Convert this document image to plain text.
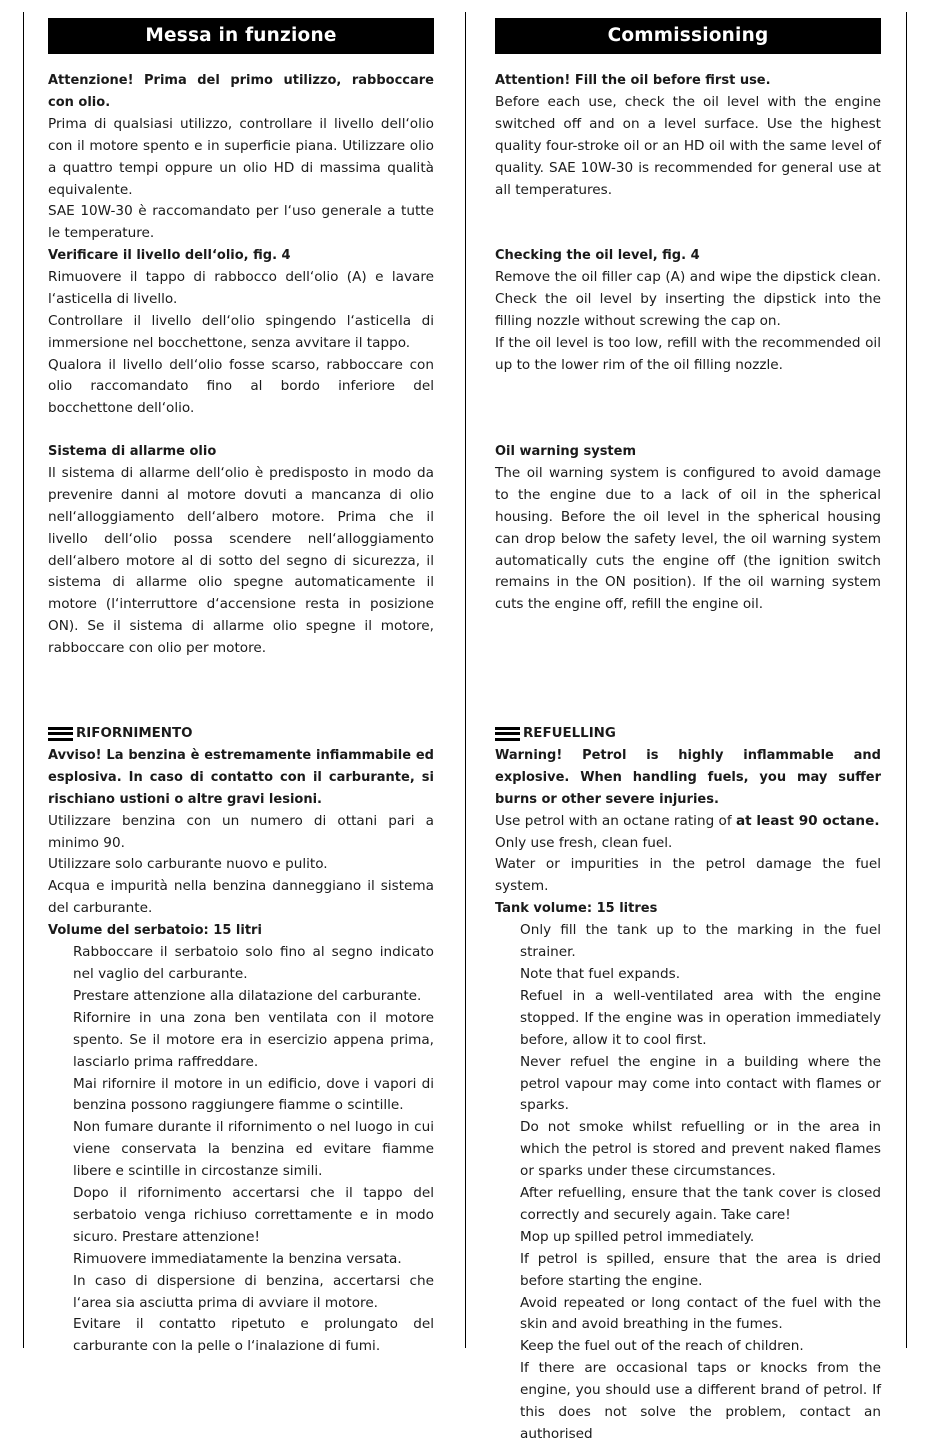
Messa in funzione

Attenzione! Prima del primo utilizzo, rabboccare con olio.

Prima di qualsiasi utilizzo, controllare il livello dell‘olio con il motore spento e in superficie piana. Utilizzare olio a quattro tempi oppure un olio HD di massima qualità equivalente.

SAE 10W-30 è raccomandato per l‘uso generale a tutte le temperature.

Verificare il livello dell‘olio, fig. 4

Rimuovere il tappo di rabbocco dell‘olio (A) e lavare l‘asticella di livello.

Controllare il livello dell‘olio spingendo l‘asticella di immersione nel bocchettone, senza avvitare il tappo.

Qualora il livello dell‘olio fosse scarso, rabboccare con olio raccomandato fino al bordo inferiore del bocchettone dell‘olio.

Sistema di allarme olio

Il sistema di allarme dell‘olio è predisposto in modo da prevenire danni al motore dovuti a mancanza di olio nell‘alloggiamento dell‘albero motore. Prima che il livello dell‘olio possa scendere nell‘alloggiamento dell‘albero motore al di sotto del segno di sicurezza, il sistema di allarme olio spegne automaticamente il motore (l‘interruttore d‘accensione resta in posizione ON). Se il sistema di allarme olio spegne il motore, rabboccare con olio per motore.

RIFORNIMENTO

Avviso! La benzina è estremamente infiammabile ed esplosiva. In caso di contatto con il carburante, si rischiano ustioni o altre gravi lesioni.

Utilizzare benzina con un numero di ottani pari a minimo 90.

Utilizzare solo carburante nuovo e pulito.

Acqua e impurità nella benzina danneggiano il sistema del carburante.

Volume del serbatoio: 15 litri

Rabboccare il serbatoio solo fino al segno indicato nel vaglio del carburante.

Prestare attenzione alla dilatazione del carburante.

Rifornire in una zona ben ventilata con il motore spento. Se il motore era in esercizio appena prima, lasciarlo prima raffreddare.

Mai rifornire il motore in un edificio, dove i vapori di benzina possono raggiungere fiamme o scintille.

Non fumare durante il rifornimento o nel luogo in cui viene conservata la benzina ed evitare fiamme libere e scintille in circostanze simili.

Dopo il rifornimento accertarsi che il tappo del serbatoio venga richiuso correttamente e in modo sicuro. Prestare attenzione!

Rimuovere immediatamente la benzina versata.

In caso di dispersione di benzina, accertarsi che l‘area sia asciutta prima di avviare il motore.

Evitare il contatto ripetuto e prolungato del carburante con la pelle o l‘inalazione di fumi.

Commissioning

Attention! Fill the oil before first use.

Before each use, check the oil level with the engine switched off and on a level surface. Use the highest quality four-stroke oil or an HD oil with the same level of quality. SAE 10W-30 is recommended for general use at all temperatures.

Checking the oil level, fig. 4

Remove the oil filler cap (A) and wipe the dipstick clean. Check the oil level by inserting the dipstick into the filling nozzle without screwing the cap on.

If the oil level is too low, refill with the recommended oil up to the lower rim of the oil filling nozzle.

Oil warning system

The oil warning system is configured to avoid damage to the engine due to a lack of oil in the spherical housing. Before the oil level in the spherical housing can drop below the safety level, the oil warning system automatically cuts the engine off (the ignition switch remains in the ON position). If the oil warning system cuts the engine off, refill the engine oil.

REFUELLING

Warning! Petrol is highly inflammable and explosive. When handling fuels, you may suffer burns or other severe injuries.

Use petrol with an octane rating of at least 90 octane.

Only use fresh, clean fuel.

Water or impurities in the petrol damage the fuel system.

Tank volume: 15 litres

Only fill the tank up to the marking in the fuel strainer.

Note that fuel expands.

Refuel in a well-ventilated area with the engine stopped. If the engine was in operation immediately before, allow it to cool first.

Never refuel the engine in a building where the petrol vapour may come into contact with flames or sparks.

Do not smoke whilst refuelling or in the area in which the petrol is stored and prevent naked flames or sparks under these circumstances.

After refuelling, ensure that the tank cover is closed correctly and securely again. Take care!

Mop up spilled petrol immediately.

If petrol is spilled, ensure that the area is dried before starting the engine.

Avoid repeated or long contact of the fuel with the skin and avoid breathing in the fumes.

Keep the fuel out of the reach of children.

If there are occasional taps or knocks from the engine, you should use a different brand of petrol. If this does not solve the problem, contact an authorised
